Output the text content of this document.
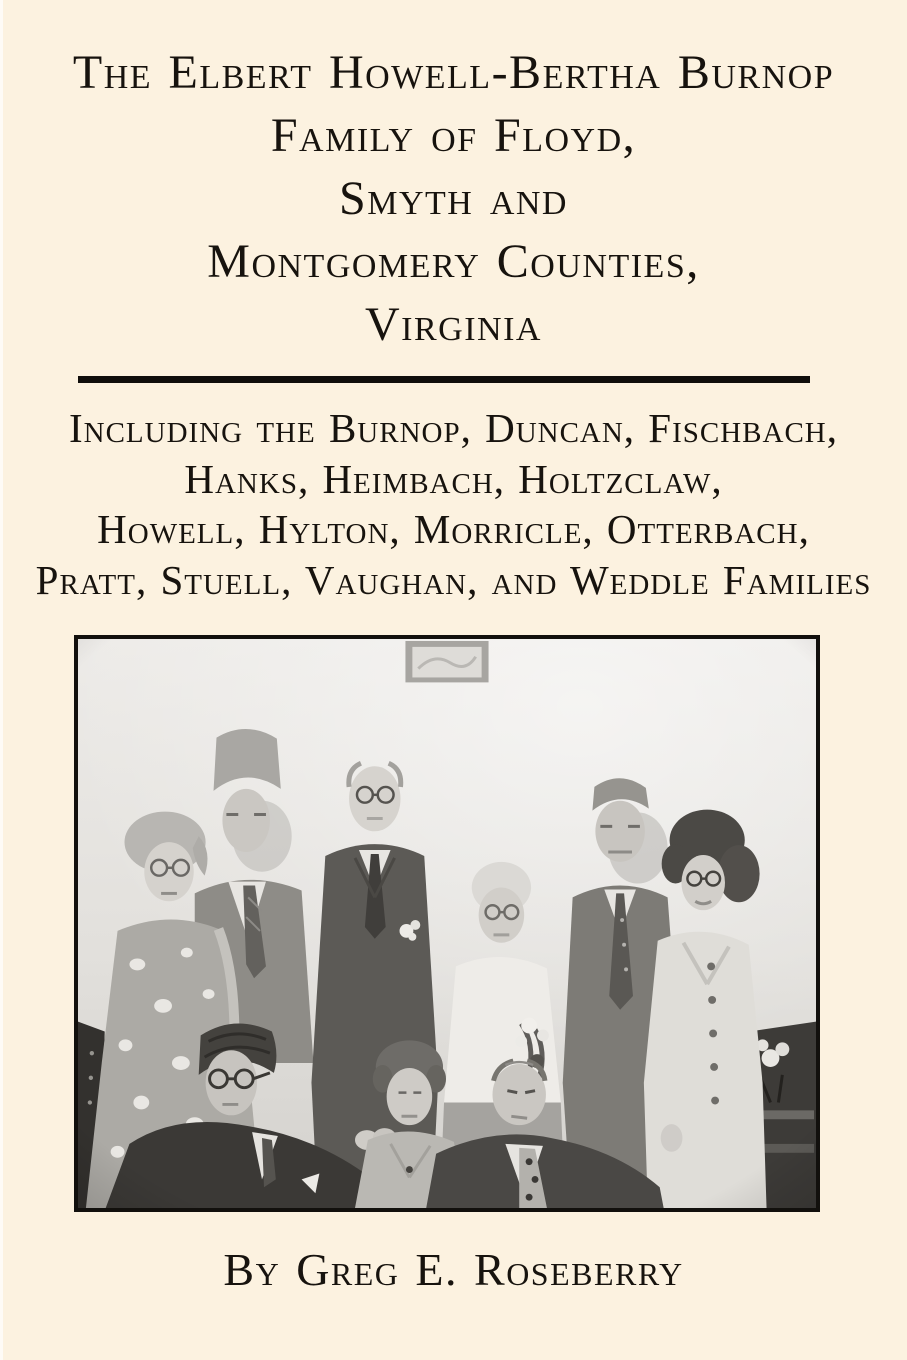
The Elbert Howell-Bertha Burnop
Family of Floyd,
Smyth and
Montgomery Counties,
Virginia
Including the Burnop, Duncan, Fischbach,
Hanks, Heimbach, Holtzclaw,
Howell, Hylton, Morricle, Otterbach,
Pratt, Stuell, Vaughan, and Weddle Families
By Greg E. Roseberry
